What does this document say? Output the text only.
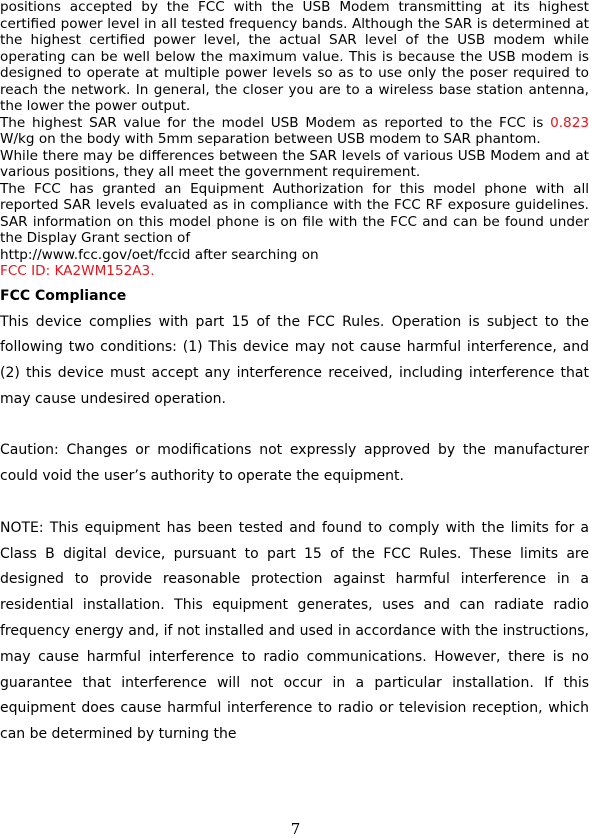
positions accepted by the FCC with the USB Modem transmitting at its highest certified power level in all tested frequency bands. Although the SAR is determined at the highest certified power level, the actual SAR level of the USB modem while operating can be well below the maximum value. This is because the USB modem is designed to operate at multiple power levels so as to use only the poser required to reach the network. In general, the closer you are to a wireless base station antenna, the lower the power output.

The highest SAR value for the model USB Modem as reported to the FCC is 0.823 W/kg on the body with 5mm separation between USB modem to SAR phantom.

While there may be differences between the SAR levels of various USB Modem and at various positions, they all meet the government requirement.

The FCC has granted an Equipment Authorization for this model phone with all reported SAR levels evaluated as in compliance with the FCC RF exposure guidelines. SAR information on this model phone is on file with the FCC and can be found under the Display Grant section of

http://www.fcc.gov/oet/fccid after searching on

FCC ID: KA2WM152A3.

FCC Compliance

This device complies with part 15 of the FCC Rules. Operation is subject to the following two conditions: (1) This device may not cause harmful interference, and (2) this device must accept any interference received, including interference that may cause undesired operation.

Caution: Changes or modifications not expressly approved by the manufacturer could void the user’s authority to operate the equipment.

NOTE: This equipment has been tested and found to comply with the limits for a Class B digital device, pursuant to part 15 of the FCC Rules. These limits are designed to provide reasonable protection against harmful interference in a residential installation. This equipment generates, uses and can radiate radio frequency energy and, if not installed and used in accordance with the instructions, may cause harmful interference to radio communications. However, there is no guarantee that interference will not occur in a particular installation. If this equipment does cause harmful interference to radio or television reception, which can be determined by turning the

7
